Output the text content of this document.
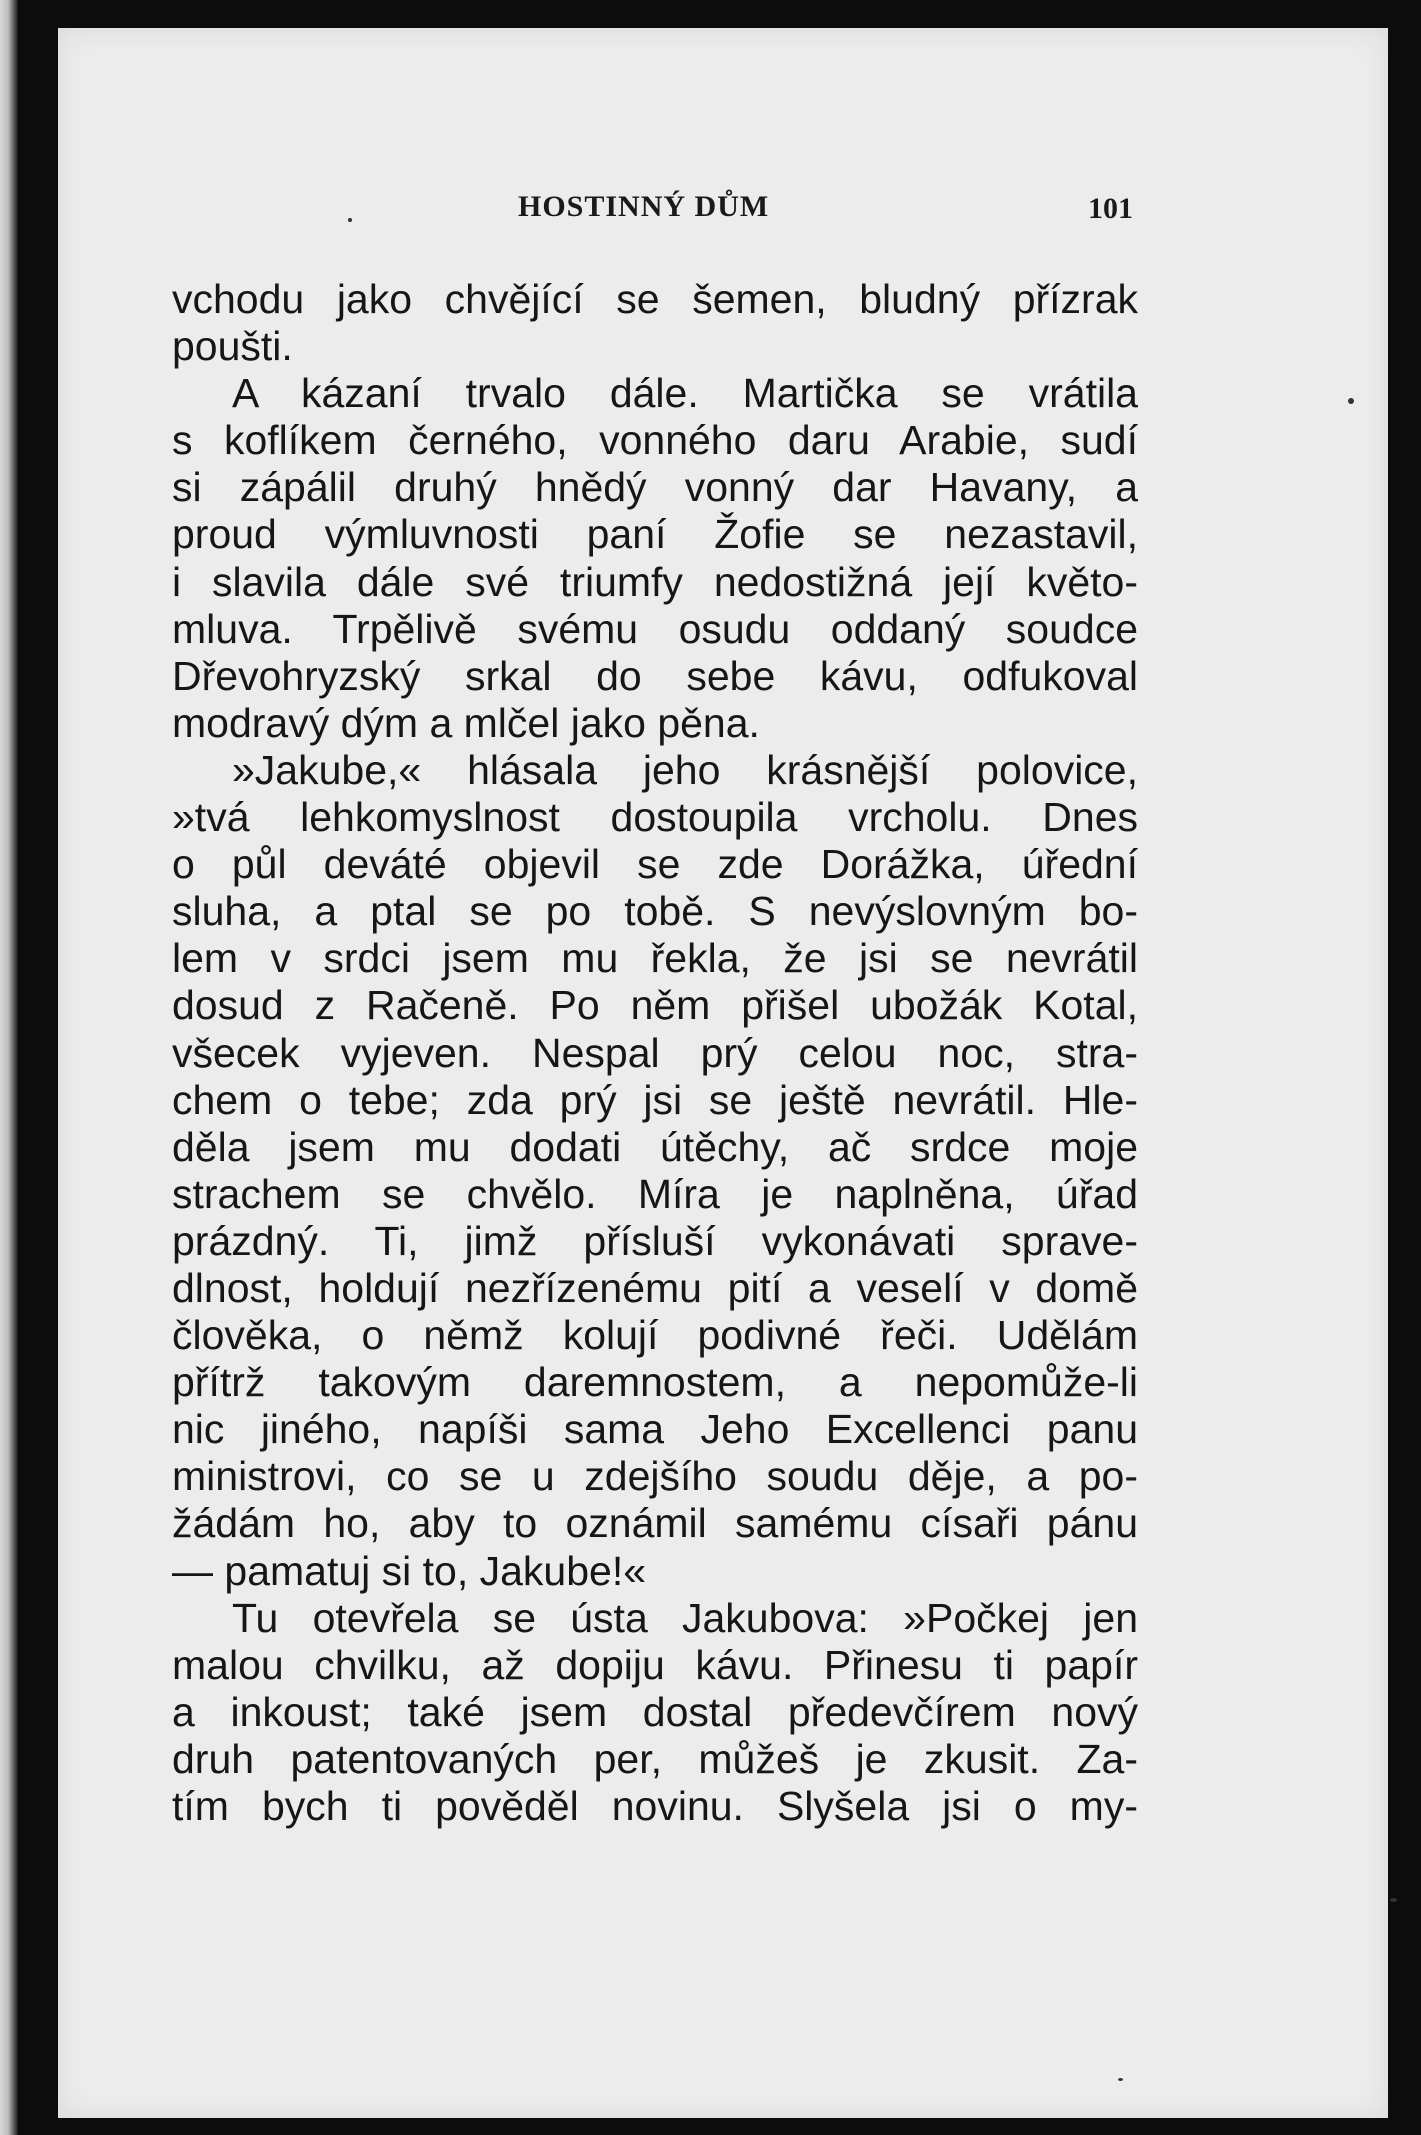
HOSTINNÝ DŮM	101
vchodu jako chvějící se šemen, bludný přízrak
poušti.
A kázaní trvalo dále. Martička se vrátila
s koflíkem černého, vonného daru Arabie, sudí
si zápálil druhý hnědý vonný dar Havany, a
proud výmluvnosti paní Žofie se nezastavil,
i slavila dále své triumfy nedostižná její květo-
mluva. Trpělivě svému osudu oddaný soudce
Dřevohryzský srkal do sebe kávu, odfukoval
modravý dým a mlčel jako pěna.
»Jakube,« hlásala jeho krásnější polovice,
»tvá lehkomyslnost dostoupila vrcholu. Dnes
o půl deváté objevil se zde Dorážka, úřední
sluha, a ptal se po tobě. S nevýslovným bo-
lem v srdci jsem mu řekla, že jsi se nevrátil
dosud z Račeně. Po něm přišel ubožák Kotal,
všecek vyjeven. Nespal prý celou noc, stra-
chem o tebe; zda prý jsi se ještě nevrátil. Hle-
děla jsem mu dodati útěchy, ač srdce moje
strachem se chvělo. Míra je naplněna, úřad
prázdný. Ti, jimž přísluší vykonávati sprave-
dlnost, holdují nezřízenému pití a veselí v domě
člověka, o němž kolují podivné řeči. Udělám
přítrž takovým daremnostem, a nepomůže-li
nic jiného, napíši sama Jeho Excellenci panu
ministrovi, co se u zdejšího soudu děje, a po-
žádám ho, aby to oznámil samému císaři pánu
— pamatuj si to, Jakube!«
Tu otevřela se ústa Jakubova: »Počkej jen
malou chvilku, až dopiju kávu. Přinesu ti papír
a inkoust; také jsem dostal předevčírem nový
druh patentovaných per, můžeš je zkusit. Za-
tím bych ti pověděl novinu. Slyšela jsi o my-
